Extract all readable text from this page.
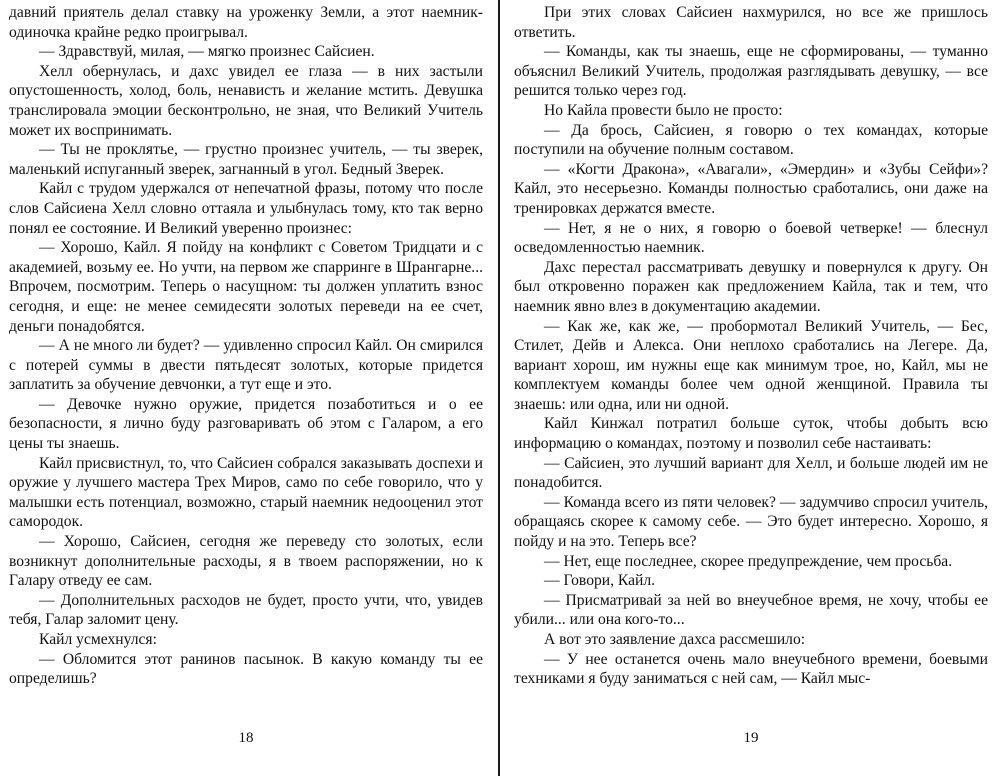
давний приятель делал ставку на уроженку Земли, а этот наемник-одиночка крайне редко проигрывал.

— Здравствуй, милая, — мягко произнес Сайсиен.

Хелл обернулась, и дахс увидел ее глаза — в них застыли опустошенность, холод, боль, ненависть и желание мстить. Девушка транслировала эмоции бесконтрольно, не зная, что Великий Учитель может их воспринимать.

— Ты не проклятье, — грустно произнес учитель, — ты зверек, маленький испуганный зверек, загнанный в угол. Бедный Зверек.

Кайл с трудом удержался от непечатной фразы, потому что после слов Сайсиена Хелл словно оттаяла и улыбнулась тому, кто так верно понял ее состояние. И Великий уверенно произнес:

— Хорошо, Кайл. Я пойду на конфликт с Советом Тридцати и с академией, возьму ее. Но учти, на первом же спарринге в Шрангарне... Впрочем, посмотрим. Теперь о насущном: ты должен уплатить взнос сегодня, и еще: не менее семидесяти золотых переведи на ее счет, деньги понадобятся.

— А не много ли будет? — удивленно спросил Кайл. Он смирился с потерей суммы в двести пятьдесят золотых, которые придется заплатить за обучение девчонки, а тут еще и это.

— Девочке нужно оружие, придется позаботиться и о ее безопасности, я лично буду разговаривать об этом с Галаром, а его цены ты знаешь.

Кайл присвистнул, то, что Сайсиен собрался заказывать доспехи и оружие у лучшего мастера Трех Миров, само по себе говорило, что у малышки есть потенциал, возможно, старый наемник недооценил этот самородок.

— Хорошо, Сайсиен, сегодня же переведу сто золотых, если возникнут дополнительные расходы, я в твоем распоряжении, но к Галару отведу ее сам.

— Дополнительных расходов не будет, просто учти, что, увидев тебя, Галар заломит цену.

Кайл усмехнулся:

— Обломится этот ранинов пасынок. В какую команду ты ее определишь?

18

При этих словах Сайсиен нахмурился, но все же пришлось ответить.

— Команды, как ты знаешь, еще не сформированы, — туманно объяснил Великий Учитель, продолжая разглядывать девушку, — все решится только через год.

Но Кайла провести было не просто:

— Да брось, Сайсиен, я говорю о тех командах, которые поступили на обучение полным составом.

— «Когти Дракона», «Авагали», «Эмердин» и «Зубы Сейфи»? Кайл, это несерьезно. Команды полностью сработались, они даже на тренировках держатся вместе.

— Нет, я не о них, я говорю о боевой четверке! — блеснул осведомленностью наемник.

Дахс перестал рассматривать девушку и повернулся к другу. Он был откровенно поражен как предложением Кайла, так и тем, что наемник явно влез в документацию академии.

— Как же, как же, — пробормотал Великий Учитель, — Бес, Стилет, Дейв и Алекса. Они неплохо сработались на Легере. Да, вариант хорош, им нужны еще как минимум трое, но, Кайл, мы не комплектуем команды более чем одной женщиной. Правила ты знаешь: или одна, или ни одной.

Кайл Кинжал потратил больше суток, чтобы добыть всю информацию о командах, поэтому и позволил себе настаивать:

— Сайсиен, это лучший вариант для Хелл, и больше людей им не понадобится.

— Команда всего из пяти человек? — задумчиво спросил учитель, обращаясь скорее к самому себе. — Это будет интересно. Хорошо, я пойду и на это. Теперь все?

— Нет, еще последнее, скорее предупреждение, чем просьба.

— Говори, Кайл.

— Присматривай за ней во внеучебное время, не хочу, чтобы ее убили... или она кого-то...

А вот это заявление дахса рассмешило:

— У нее останется очень мало внеучебного времени, боевыми техниками я буду заниматься с ней сам, — Кайл мыс-

19
